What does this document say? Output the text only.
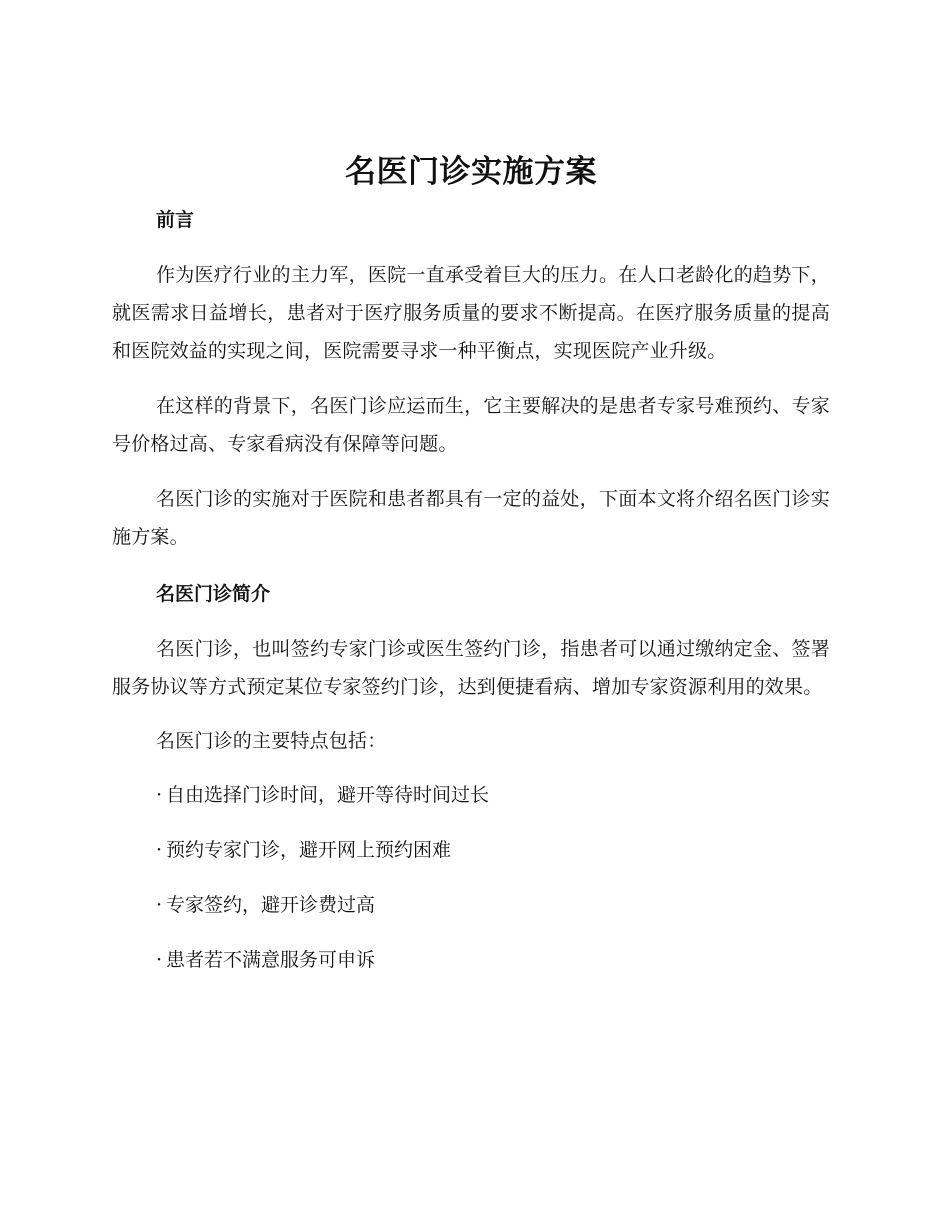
名医门诊实施方案
前言

作为医疗行业的主力军，医院一直承受着巨大的压力。在人口老龄化的趋势下，就医需求日益增长，患者对于医疗服务质量的要求不断提高。在医疗服务质量的提高和医院效益的实现之间，医院需要寻求一种平衡点，实现医院产业升级。

在这样的背景下，名医门诊应运而生，它主要解决的是患者专家号难预约、专家号价格过高、专家看病没有保障等问题。

名医门诊的实施对于医院和患者都具有一定的益处，下面本文将介绍名医门诊实施方案。

名医门诊简介

名医门诊，也叫签约专家门诊或医生签约门诊，指患者可以通过缴纳定金、签署服务协议等方式预定某位专家签约门诊，达到便捷看病、增加专家资源利用的效果。

名医门诊的主要特点包括：

· 自由选择门诊时间，避开等待时间过长
· 预约专家门诊，避开网上预约困难
· 专家签约，避开诊费过高
· 患者若不满意服务可申诉
